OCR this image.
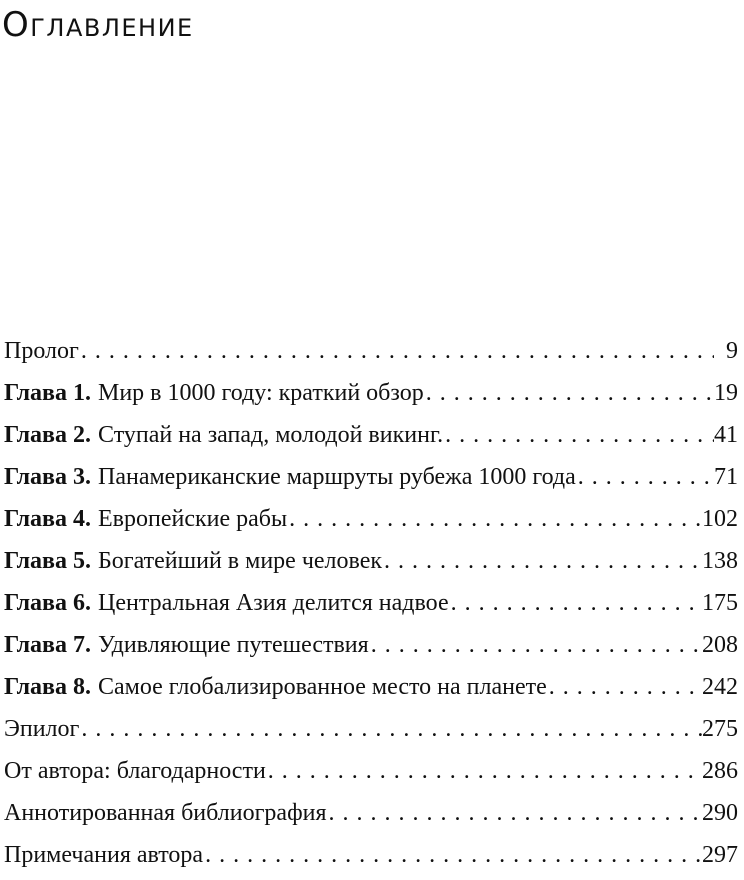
Оглавление
Пролог . . .	9
Глава 1. Мир в 1000 году: краткий обзор . . .	19
Глава 2. Ступай на запад, молодой викинг. . . .	41
Глава 3. Панамериканские маршруты рубежа 1000 года . . .	71
Глава 4. Европейские рабы . . .	102
Глава 5. Богатейший в мире человек . . .	138
Глава 6. Центральная Азия делится надвое . . .	175
Глава 7. Удивляющие путешествия . . .	208
Глава 8. Самое глобализированное место на планете . . .	242
Эпилог . . .	275
От автора: благодарности . . .	286
Аннотированная библиография . . .	290
Примечания автора . . .	297
